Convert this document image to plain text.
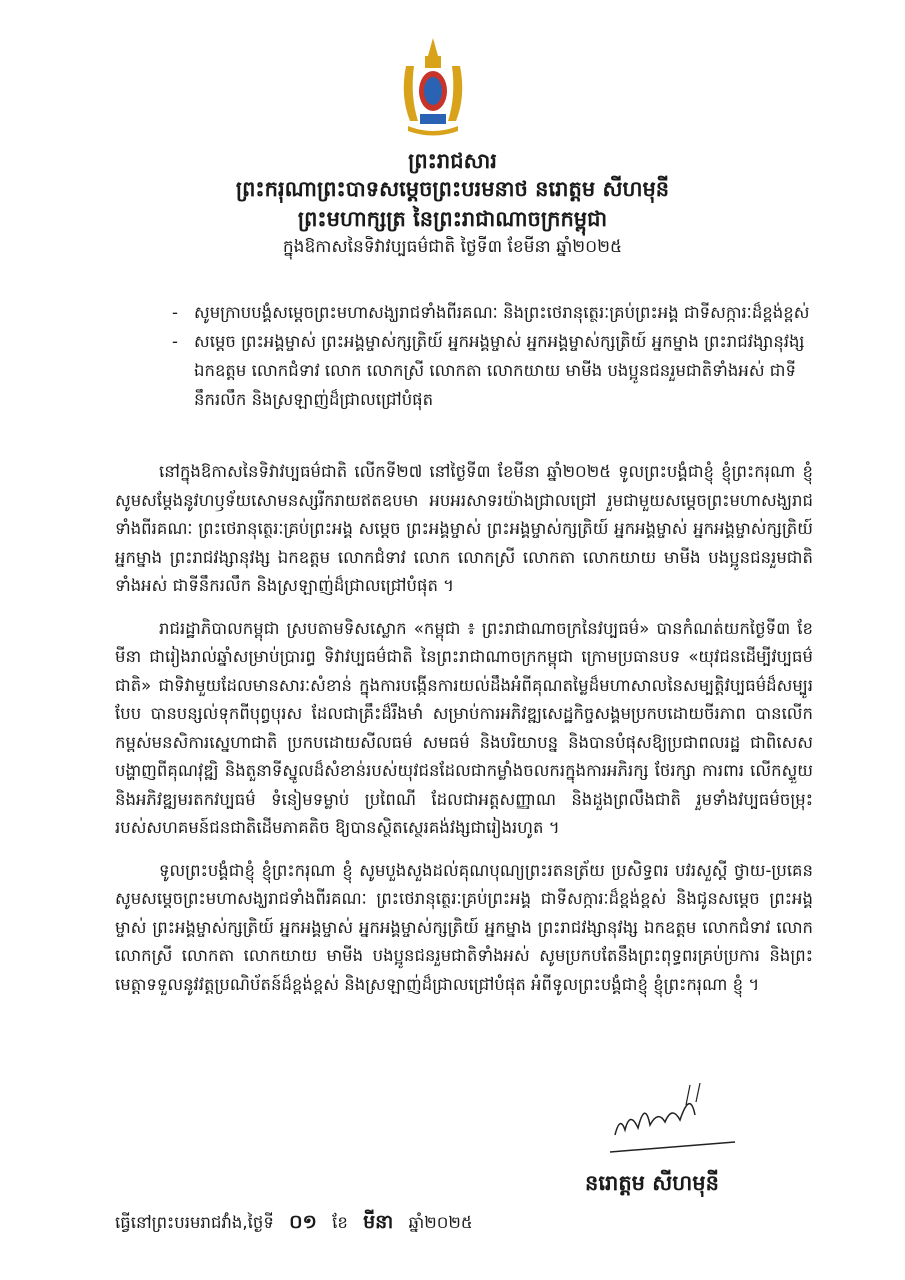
ព្រះរាជសារ
ព្រះករុណាព្រះបាទសម្តេចព្រះបរមនាថ នរោត្តម សីហមុនី
ព្រះមហាក្សត្រ នៃព្រះរាជាណាចក្រកម្ពុជា
ក្នុងឱកាសនៃទិវាវប្បធម៌ជាតិ ថ្ងៃទី៣ ខែមីនា ឆ្នាំ២០២៥
- សូមក្រាបបង្គំសម្តេចព្រះមហាសង្ឃរាជទាំងពីរគណៈ និងព្រះថេរានុត្ថេរៈគ្រប់ព្រះអង្គ ជាទីសក្ការៈដ៏ខ្ពង់ខ្ពស់
- សម្តេច ព្រះអង្គម្ចាស់ ព្រះអង្គម្ចាស់ក្សត្រិយ៍ អ្នកអង្គម្ចាស់ អ្នកអង្គម្ចាស់ក្សត្រិយ៍ អ្នកម្នាង ព្រះរាជវង្សានុវង្ស ឯកឧត្តម លោកជំទាវ លោក លោកស្រី លោកតា លោកយាយ មាមីង បងប្អូនជនរួមជាតិទាំងអស់ ជាទីនឹករលឹក និងស្រឡាញ់ដ៏ជ្រាលជ្រៅបំផុត

នៅក្នុងឱកាសនៃទិវាវប្បធម៌ជាតិ លើកទី២៧ នៅថ្ងៃទី៣ ខែមីនា ឆ្នាំ២០២៥ ទូលព្រះបង្គំជាខ្ញុំ ខ្ញុំព្រះករុណា ខ្ញុំ សូមសម្តែងនូវហឫទ័យសោមនស្សរីករាយឥតឧបមា អបអរសាទរយ៉ាងជ្រាលជ្រៅ រួមជាមួយសម្តេចព្រះមហាសង្ឃរាជទាំងពីរគណៈ ព្រះថេរានុត្ថេរៈគ្រប់ព្រះអង្គ សម្តេច ព្រះអង្គម្ចាស់ ព្រះអង្គម្ចាស់ក្សត្រិយ៍ អ្នកអង្គម្ចាស់ អ្នកអង្គម្ចាស់ក្សត្រិយ៍ អ្នកម្នាង ព្រះរាជវង្សានុវង្ស ឯកឧត្តម លោកជំទាវ លោក លោកស្រី លោកតា លោកយាយ មាមីង បងប្អូនជនរួមជាតិទាំងអស់ ជាទីនឹករលឹក និងស្រឡាញ់ដ៏ជ្រាលជ្រៅបំផុត ។

រាជរដ្ឋាភិបាលកម្ពុជា ស្របតាមទិសស្លោក «កម្ពុជា ៖ ព្រះរាជាណាចក្រនៃវប្បធម៌» បានកំណត់យកថ្ងៃទី៣ ខែមីនា ជារៀងរាល់ឆ្នាំសម្រាប់ប្រារព្ធ ទិវាវប្បធម៌ជាតិ នៃព្រះរាជាណាចក្រកម្ពុជា ក្រោមប្រធានបទ «យុវជនដើម្បីវប្បធម៌ជាតិ» ជាទិវាមួយដែលមានសារៈសំខាន់ ក្នុងការបង្កើនការយល់ដឹងអំពីគុណតម្លៃដ៏មហាសាលនៃសម្បត្តិវប្បធម៌ដ៏សម្បូរបែប បានបន្សល់ទុកពីបុព្វបុរស ដែលជាគ្រឹះដ៏រឹងមាំ សម្រាប់ការអភិវឌ្ឍសេដ្ឋកិច្ចសង្គមប្រកបដោយចីរភាព បានលើកកម្ពស់មនសិការស្នេហាជាតិ ប្រកបដោយសីលធម៌ សមធម៌ និងបរិយាបន្ន និងបានបំផុសឱ្យប្រជាពលរដ្ឋ ជាពិសេសបង្ហាញពីគុណវុឌ្ឍិ និងតួនាទីស្នូលដ៏សំខាន់របស់យុវជនដែលជាកម្លាំងចលករក្នុងការអភិរក្ស ថែរក្សា ការពារ លើកស្ទួយ និងអភិវឌ្ឍមរតកវប្បធម៌ ទំនៀមទម្លាប់ ប្រពៃណី ដែលជាអត្តសញ្ញាណ និងដួងព្រលឹងជាតិ រួមទាំងវប្បធម៌ចម្រុះរបស់សហគមន៍ជនជាតិដើមភាគតិច ឱ្យបានស្ថិតស្ថេរគង់វង្សជារៀងរហូត ។

ទូលព្រះបង្គំជាខ្ញុំ ខ្ញុំព្រះករុណា ខ្ញុំ សូមបួងសួងដល់គុណបុណ្យព្រះរតនត្រ័យ ប្រសិទ្ធពរ បវរសួស្តី ថ្វាយ-ប្រគេន សូមសម្តេចព្រះមហាសង្ឃរាជទាំងពីរគណៈ ព្រះថេរានុត្ថេរៈគ្រប់ព្រះអង្គ ជាទីសក្ការៈដ៏ខ្ពង់ខ្ពស់ និងជូនសម្តេច ព្រះអង្គម្ចាស់ ព្រះអង្គម្ចាស់ក្សត្រិយ៍ អ្នកអង្គម្ចាស់ អ្នកអង្គម្ចាស់ក្សត្រិយ៍ អ្នកម្នាង ព្រះរាជវង្សានុវង្ស ឯកឧត្តម លោកជំទាវ លោក លោកស្រី លោកតា លោកយាយ មាមីង បងប្អូនជនរួមជាតិទាំងអស់ សូមប្រកបតែនឹងព្រះពុទ្ធពរគ្រប់ប្រការ និងព្រះមេត្តាទទួលនូវវត្តប្រណិប័តន៍ដ៏ខ្ពង់ខ្ពស់ និងស្រឡាញ់ដ៏ជ្រាលជ្រៅបំផុត អំពីទូលព្រះបង្គំជាខ្ញុំ ខ្ញុំព្រះករុណា ខ្ញុំ ។

នរោត្តម សីហមុនី
ធ្វើនៅព្រះបរមរាជវាំង,ថ្ងៃទី ០១ ខែ មីនា ឆ្នាំ២០២៥
